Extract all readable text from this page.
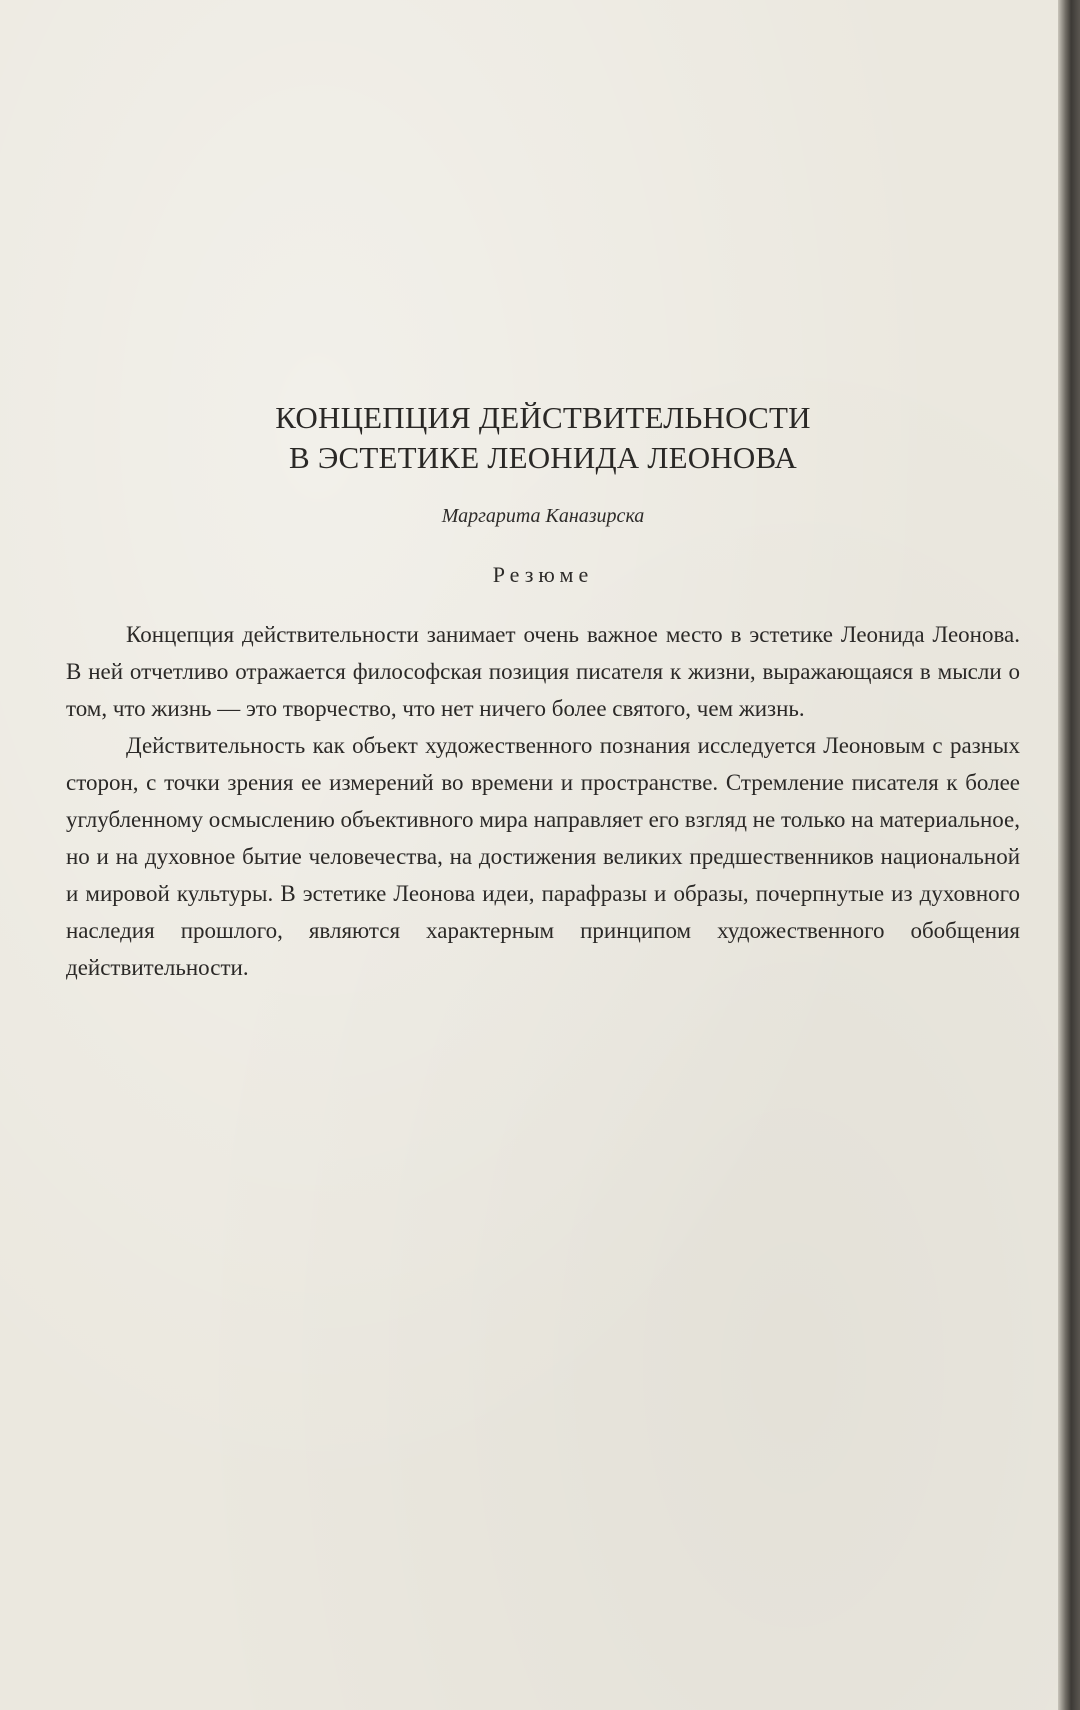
КОНЦЕПЦИЯ ДЕЙСТВИТЕЛЬНОСТИ
В ЭСТЕТИКЕ ЛЕОНИДА ЛЕОНОВА
Маргарита Каназирска
Резюме

Концепция действительности занимает очень важное место в эстетике Леонида Леонова. В ней отчетливо отражается философская позиция писателя к жизни, выражающаяся в мысли о том, что жизнь — это творчество, что нет ничего более святого, чем жизнь.

Действительность как объект художественного познания исследуется Леоновым с разных сторон, с точки зрения ее измерений во времени и пространстве. Стремление писателя к более углубленному осмыслению объективного мира направляет его взгляд не только на материальное, но и на духовное бытие человечества, на достижения великих предшественников национальной и мировой культуры. В эстетике Леонова идеи, парафразы и образы, почерпнутые из духовного наследия прошлого, являются характерным принципом художественного обобщения действительности.
